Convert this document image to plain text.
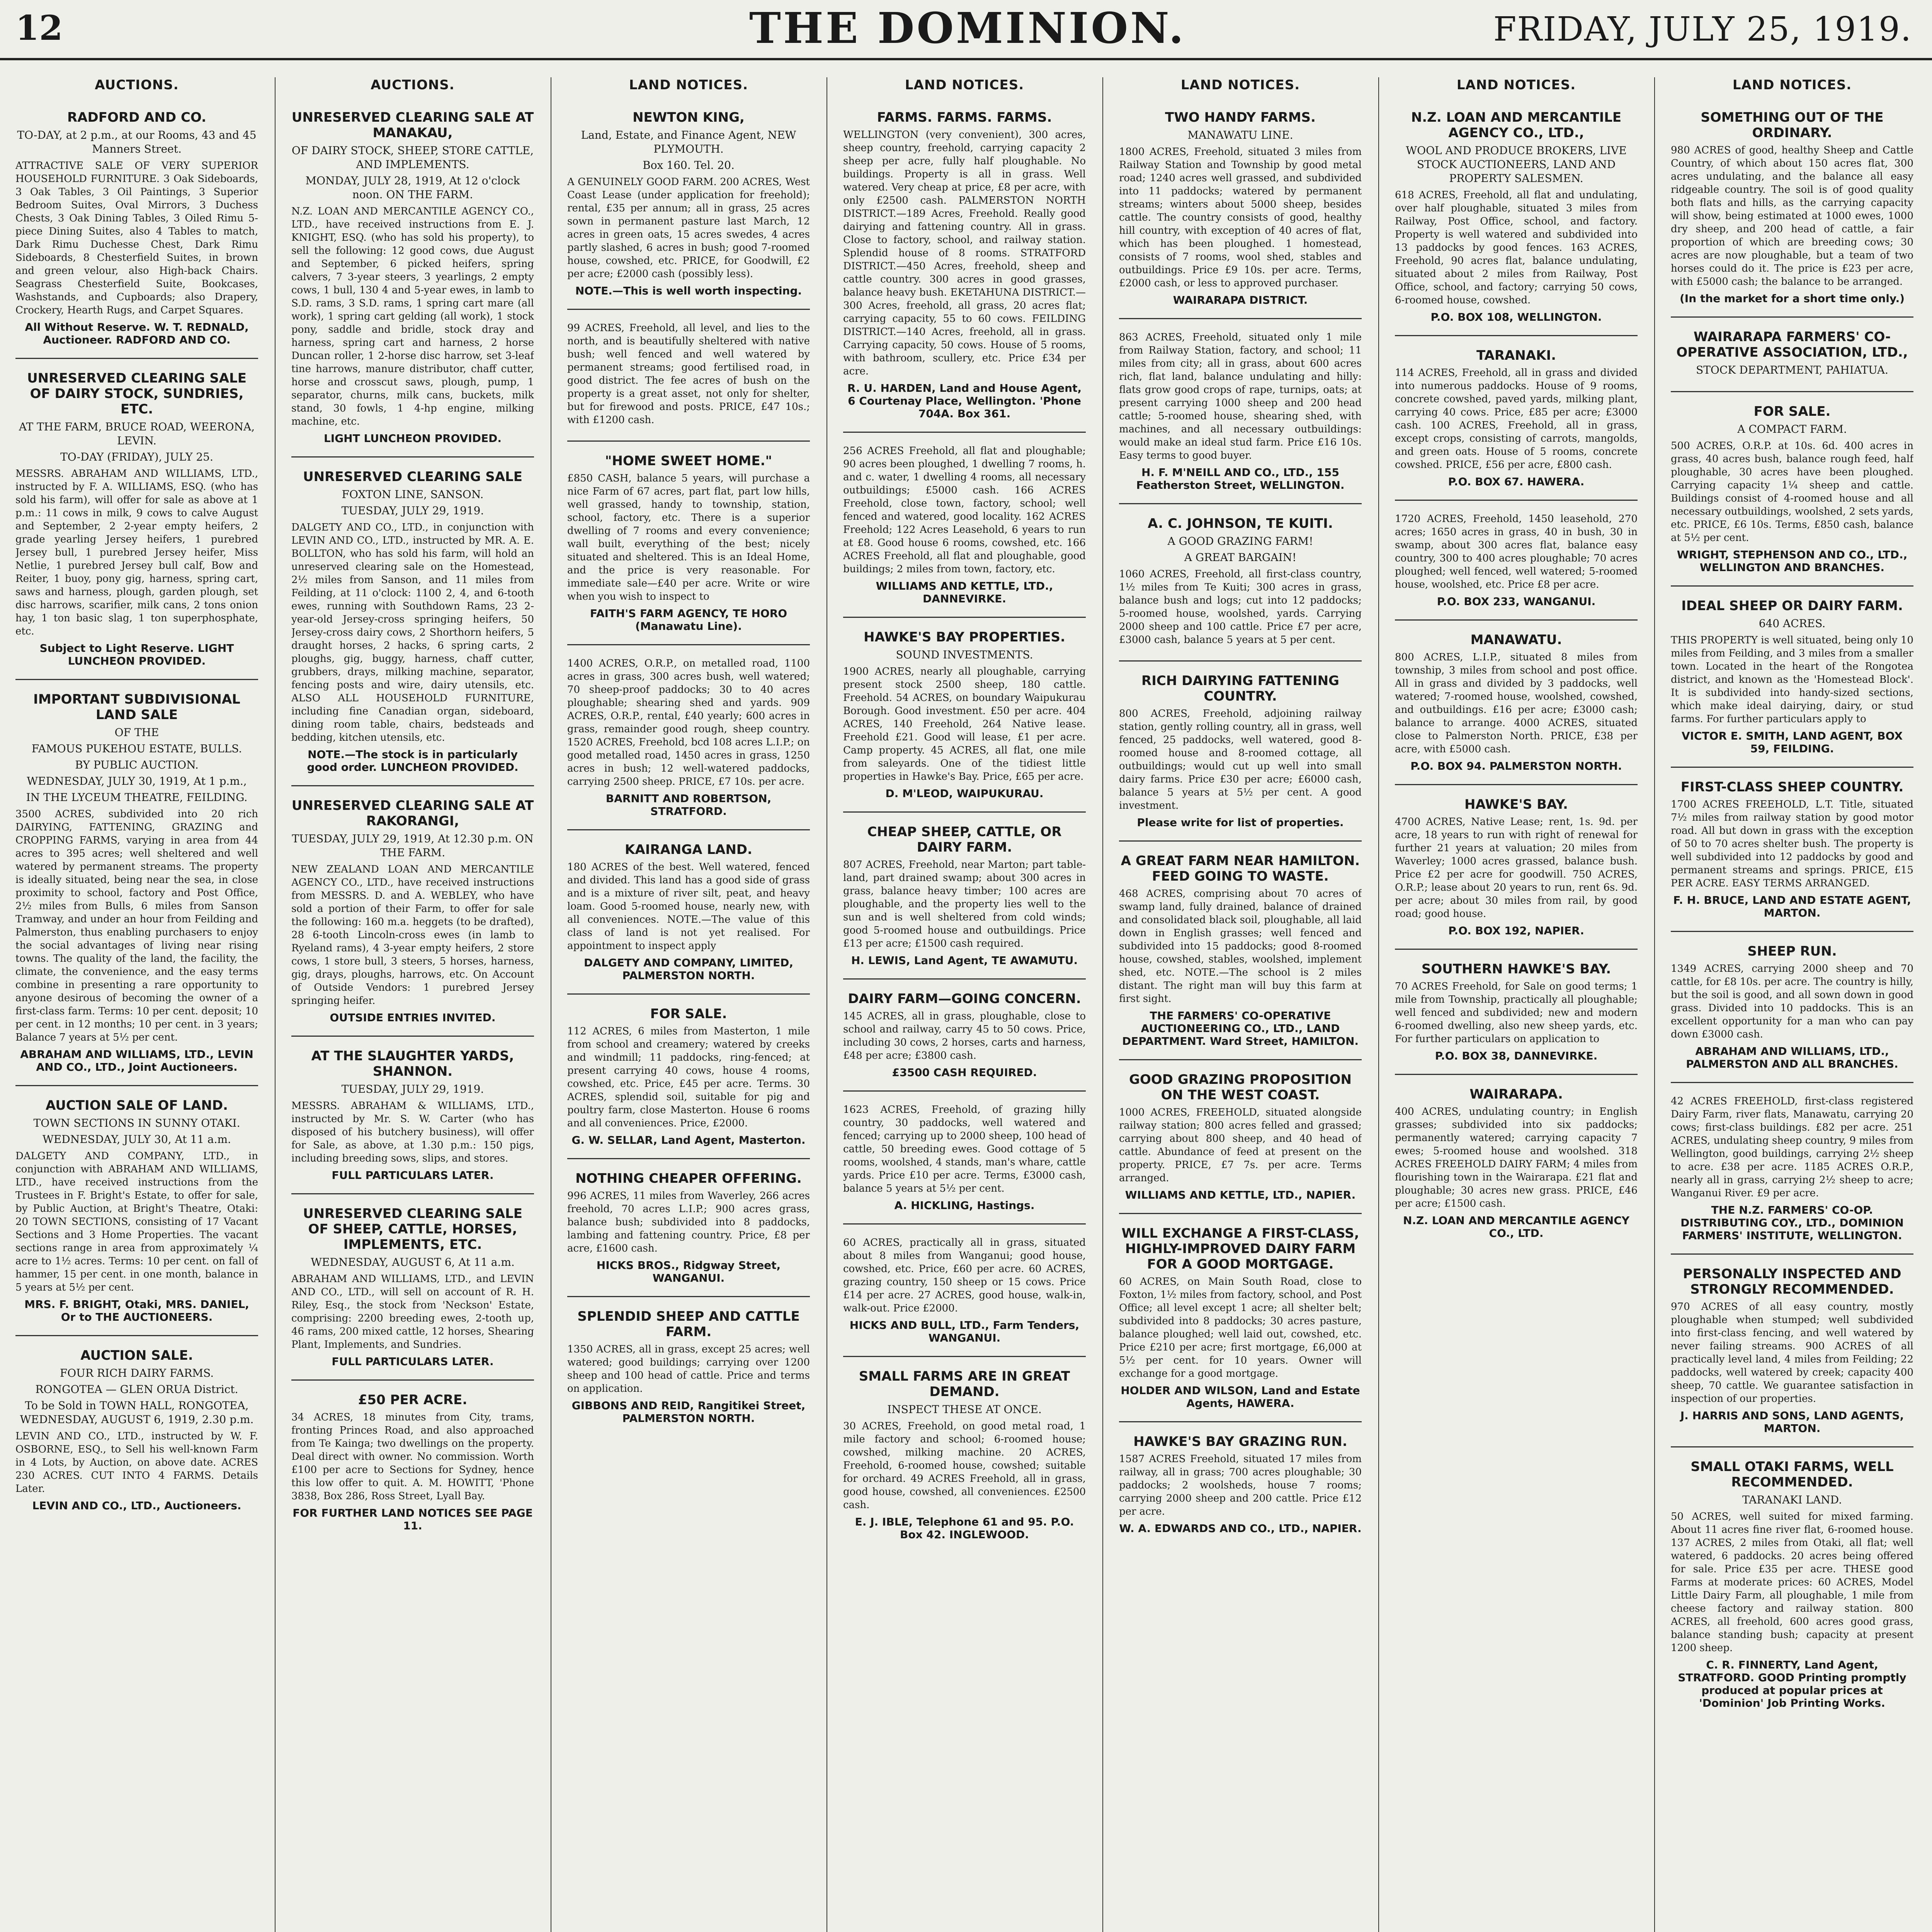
12	THE DOMINION.	FRIDAY, JULY 25, 1919.
AUCTIONS.
RADFORD AND CO.
TO-DAY, at 2 p.m., at our Rooms, 43 and 45 Manners Street.
ATTRACTIVE SALE OF VERY SUPERIOR HOUSEHOLD FURNITURE. 3 Oak Sideboards, 3 Oak Tables, 3 Oil Paintings, 3 Superior Bedroom Suites, Oval Mirrors, 3 Duchess Chests, 3 Oak Dining Tables, 3 Oiled Rimu 5-piece Dining Suites, also 4 Tables to match, Dark Rimu Duchesse Chest, Dark Rimu Sideboards, 8 Chesterfield Suites, in brown and green velour, also High-back Chairs. Seagrass Chesterfield Suite, Bookcases, Washstands, and Cupboards; also Drapery, Crockery, Hearth Rugs, and Carpet Squares.
All Without Reserve. W. T. REDNALD, Auctioneer. RADFORD AND CO.
UNRESERVED CLEARING SALE OF DAIRY STOCK, SUNDRIES, ETC.
AT THE FARM, BRUCE ROAD, WEERONA, LEVIN.
TO-DAY (FRIDAY), JULY 25.
MESSRS. ABRAHAM AND WILLIAMS, LTD., instructed by F. A. WILLIAMS, ESQ. (who has sold his farm), will offer for sale as above at 1 p.m.: 11 cows in milk, 9 cows to calve August and September, 2 2-year empty heifers, 2 grade yearling Jersey heifers, 1 purebred Jersey bull, 1 purebred Jersey heifer, Miss Netlie, 1 purebred Jersey bull calf, Bow and Reiter, 1 buoy, pony gig, harness, spring cart, saws and harness, plough, garden plough, set disc harrows, scarifier, milk cans, 2 tons onion hay, 1 ton basic slag, 1 ton superphosphate, etc.
Subject to Light Reserve. LIGHT LUNCHEON PROVIDED.
IMPORTANT SUBDIVISIONAL LAND SALE
OF THE
FAMOUS PUKEHOU ESTATE, BULLS.
BY PUBLIC AUCTION.
WEDNESDAY, JULY 30, 1919, At 1 p.m.,
IN THE LYCEUM THEATRE, FEILDING.
3500 ACRES, subdivided into 20 rich DAIRYING, FATTENING, GRAZING and CROPPING FARMS, varying in area from 44 acres to 395 acres; well sheltered and well watered by permanent streams. The property is ideally situated, being near the sea, in close proximity to school, factory and Post Office, 2½ miles from Bulls, 6 miles from Sanson Tramway, and under an hour from Feilding and Palmerston, thus enabling purchasers to enjoy the social advantages of living near rising towns. The quality of the land, the facility, the climate, the convenience, and the easy terms combine in presenting a rare opportunity to anyone desirous of becoming the owner of a first-class farm. Terms: 10 per cent. deposit; 10 per cent. in 12 months; 10 per cent. in 3 years; Balance 7 years at 5½ per cent.
ABRAHAM AND WILLIAMS, LTD., LEVIN AND CO., LTD., Joint Auctioneers.
AUCTION SALE OF LAND.
TOWN SECTIONS IN SUNNY OTAKI.
WEDNESDAY, JULY 30, At 11 a.m.
DALGETY AND COMPANY, LTD., in conjunction with ABRAHAM AND WILLIAMS, LTD., have received instructions from the Trustees in F. Bright's Estate, to offer for sale, by Public Auction, at Bright's Theatre, Otaki: 20 TOWN SECTIONS, consisting of 17 Vacant Sections and 3 Home Properties. The vacant sections range in area from approximately ¼ acre to 1½ acres. Terms: 10 per cent. on fall of hammer, 15 per cent. in one month, balance in 5 years at 5½ per cent.
MRS. F. BRIGHT, Otaki, MRS. DANIEL, Or to THE AUCTIONEERS.
AUCTION SALE.
FOUR RICH DAIRY FARMS.
RONGOTEA — GLEN ORUA District.
To be Sold in TOWN HALL, RONGOTEA, WEDNESDAY, AUGUST 6, 1919, 2.30 p.m.
LEVIN AND CO., LTD., instructed by W. F. OSBORNE, ESQ., to Sell his well-known Farm in 4 Lots, by Auction, on above date. ACRES 230 ACRES. CUT INTO 4 FARMS. Details Later.
LEVIN AND CO., LTD., Auctioneers.
AUCTIONS.
UNRESERVED CLEARING SALE AT MANAKAU,
OF DAIRY STOCK, SHEEP, STORE CATTLE, AND IMPLEMENTS.
MONDAY, JULY 28, 1919, At 12 o'clock noon. ON THE FARM.
N.Z. LOAN AND MERCANTILE AGENCY CO., LTD., have received instructions from E. J. KNIGHT, ESQ. (who has sold his property), to sell the following: 12 good cows, due August and September, 6 picked heifers, spring calvers, 7 3-year steers, 3 yearlings, 2 empty cows, 1 bull, 130 4 and 5-year ewes, in lamb to S.D. rams, 3 S.D. rams, 1 spring cart mare (all work), 1 spring cart gelding (all work), 1 stock pony, saddle and bridle, stock dray and harness, spring cart and harness, 2 horse Duncan roller, 1 2-horse disc harrow, set 3-leaf tine harrows, manure distributor, chaff cutter, horse and crosscut saws, plough, pump, 1 separator, churns, milk cans, buckets, milk stand, 30 fowls, 1 4-hp engine, milking machine, etc.
LIGHT LUNCHEON PROVIDED.
UNRESERVED CLEARING SALE
FOXTON LINE, SANSON.
TUESDAY, JULY 29, 1919.
DALGETY AND CO., LTD., in conjunction with LEVIN AND CO., LTD., instructed by MR. A. E. BOLLTON, who has sold his farm, will hold an unreserved clearing sale on the Homestead, 2½ miles from Sanson, and 11 miles from Feilding, at 11 o'clock: 1100 2, 4, and 6-tooth ewes, running with Southdown Rams, 23 2-year-old Jersey-cross springing heifers, 50 Jersey-cross dairy cows, 2 Shorthorn heifers, 5 draught horses, 2 hacks, 6 spring carts, 2 ploughs, gig, buggy, harness, chaff cutter, grubbers, drays, milking machine, separator, fencing posts and wire, dairy utensils, etc. ALSO ALL HOUSEHOLD FURNITURE, including fine Canadian organ, sideboard, dining room table, chairs, bedsteads and bedding, kitchen utensils, etc.
NOTE.—The stock is in particularly good order. LUNCHEON PROVIDED.
UNRESERVED CLEARING SALE AT RAKORANGI,
TUESDAY, JULY 29, 1919, At 12.30 p.m. ON THE FARM.
NEW ZEALAND LOAN AND MERCANTILE AGENCY CO., LTD., have received instructions from MESSRS. D. and A. WEBLEY, who have sold a portion of their Farm, to offer for sale the following: 160 m.a. heggets (to be drafted), 28 6-tooth Lincoln-cross ewes (in lamb to Ryeland rams), 4 3-year empty heifers, 2 store cows, 1 store bull, 3 steers, 5 horses, harness, gig, drays, ploughs, harrows, etc. On Account of Outside Vendors: 1 purebred Jersey springing heifer.
OUTSIDE ENTRIES INVITED.
AT THE SLAUGHTER YARDS, SHANNON.
TUESDAY, JULY 29, 1919.
MESSRS. ABRAHAM & WILLIAMS, LTD., instructed by Mr. S. W. Carter (who has disposed of his butchery business), will offer for Sale, as above, at 1.30 p.m.: 150 pigs, including breeding sows, slips, and stores.
FULL PARTICULARS LATER.
UNRESERVED CLEARING SALE OF SHEEP, CATTLE, HORSES, IMPLEMENTS, ETC.
WEDNESDAY, AUGUST 6, At 11 a.m.
ABRAHAM AND WILLIAMS, LTD., and LEVIN AND CO., LTD., will sell on account of R. H. Riley, Esq., the stock from 'Neckson' Estate, comprising: 2200 breeding ewes, 2-tooth up, 46 rams, 200 mixed cattle, 12 horses, Shearing Plant, Implements, and Sundries.
FULL PARTICULARS LATER.
£50 PER ACRE.
34 ACRES, 18 minutes from City, trams, fronting Princes Road, and also approached from Te Kainga; two dwellings on the property. Deal direct with owner. No commission. Worth £100 per acre to Sections for Sydney, hence this low offer to quit. A. M. HOWITT, 'Phone 3838, Box 286, Ross Street, Lyall Bay.
FOR FURTHER LAND NOTICES SEE PAGE 11.
LAND NOTICES.
NEWTON KING,
Land, Estate, and Finance Agent, NEW PLYMOUTH.
Box 160. Tel. 20.
A GENUINELY GOOD FARM. 200 ACRES, West Coast Lease (under application for freehold); rental, £35 per annum; all in grass, 25 acres sown in permanent pasture last March, 12 acres in green oats, 15 acres swedes, 4 acres partly slashed, 6 acres in bush; good 7-roomed house, cowshed, etc. PRICE, for Goodwill, £2 per acre; £2000 cash (possibly less).
NOTE.—This is well worth inspecting.
99 ACRES, Freehold, all level, and lies to the north, and is beautifully sheltered with native bush; well fenced and well watered by permanent streams; good fertilised road, in good district. The fee acres of bush on the property is a great asset, not only for shelter, but for firewood and posts. PRICE, £47 10s.; with £1200 cash.
"HOME SWEET HOME."
£850 CASH, balance 5 years, will purchase a nice Farm of 67 acres, part flat, part low hills, well grassed, handy to township, station, school, factory, etc. There is a superior dwelling of 7 rooms and every convenience; wall built, everything of the best; nicely situated and sheltered. This is an Ideal Home, and the price is very reasonable. For immediate sale—£40 per acre. Write or wire when you wish to inspect to
FAITH'S FARM AGENCY, TE HORO (Manawatu Line).
1400 ACRES, O.R.P., on metalled road, 1100 acres in grass, 300 acres bush, well watered; 70 sheep-proof paddocks; 30 to 40 acres ploughable; shearing shed and yards. 909 ACRES, O.R.P., rental, £40 yearly; 600 acres in grass, remainder good rough, sheep country. 1520 ACRES, Freehold, bcd 108 acres L.I.P.; on good metalled road, 1450 acres in grass, 1250 acres in bush; 12 well-watered paddocks, carrying 2500 sheep. PRICE, £7 10s. per acre.
BARNITT AND ROBERTSON, STRATFORD.
KAIRANGA LAND.
180 ACRES of the best. Well watered, fenced and divided. This land has a good side of grass and is a mixture of river silt, peat, and heavy loam. Good 5-roomed house, nearly new, with all conveniences. NOTE.—The value of this class of land is not yet realised. For appointment to inspect apply
DALGETY AND COMPANY, LIMITED, PALMERSTON NORTH.
FOR SALE.
112 ACRES, 6 miles from Masterton, 1 mile from school and creamery; watered by creeks and windmill; 11 paddocks, ring-fenced; at present carrying 40 cows, house 4 rooms, cowshed, etc. Price, £45 per acre. Terms. 30 ACRES, splendid soil, suitable for pig and poultry farm, close Masterton. House 6 rooms and all conveniences. Price, £2000.
G. W. SELLAR, Land Agent, Masterton.
NOTHING CHEAPER OFFERING.
996 ACRES, 11 miles from Waverley, 266 acres freehold, 70 acres L.I.P.; 900 acres grass, balance bush; subdivided into 8 paddocks, lambing and fattening country. Price, £8 per acre, £1600 cash.
HICKS BROS., Ridgway Street, WANGANUI.
SPLENDID SHEEP AND CATTLE FARM.
1350 ACRES, all in grass, except 25 acres; well watered; good buildings; carrying over 1200 sheep and 100 head of cattle. Price and terms on application.
GIBBONS AND REID, Rangitikei Street, PALMERSTON NORTH.
LAND NOTICES.
FARMS. FARMS. FARMS.
WELLINGTON (very convenient), 300 acres, sheep country, freehold, carrying capacity 2 sheep per acre, fully half ploughable. No buildings. Property is all in grass. Well watered. Very cheap at price, £8 per acre, with only £2500 cash. PALMERSTON NORTH DISTRICT.—189 Acres, Freehold. Really good dairying and fattening country. All in grass. Close to factory, school, and railway station. Splendid house of 8 rooms. STRATFORD DISTRICT.—450 Acres, freehold, sheep and cattle country. 300 acres in good grasses, balance heavy bush. EKETAHUNA DISTRICT.—300 Acres, freehold, all grass, 20 acres flat; carrying capacity, 55 to 60 cows. FEILDING DISTRICT.—140 Acres, freehold, all in grass. Carrying capacity, 50 cows. House of 5 rooms, with bathroom, scullery, etc. Price £34 per acre.
R. U. HARDEN, Land and House Agent, 6 Courtenay Place, Wellington. 'Phone 704A. Box 361.
256 ACRES Freehold, all flat and ploughable; 90 acres been ploughed, 1 dwelling 7 rooms, h. and c. water, 1 dwelling 4 rooms, all necessary outbuildings; £5000 cash. 166 ACRES Freehold, close town, factory, school; well fenced and watered, good locality. 162 ACRES Freehold; 122 Acres Leasehold, 6 years to run at £8. Good house 6 rooms, cowshed, etc. 166 ACRES Freehold, all flat and ploughable, good buildings; 2 miles from town, factory, etc.
WILLIAMS AND KETTLE, LTD., DANNEVIRKE.
HAWKE'S BAY PROPERTIES.
SOUND INVESTMENTS.
1900 ACRES, nearly all ploughable, carrying present stock 2500 sheep, 180 cattle. Freehold. 54 ACRES, on boundary Waipukurau Borough. Good investment. £50 per acre. 404 ACRES, 140 Freehold, 264 Native lease. Freehold £21. Good will lease, £1 per acre. Camp property. 45 ACRES, all flat, one mile from saleyards. One of the tidiest little properties in Hawke's Bay. Price, £65 per acre.
D. M'LEOD, WAIPUKURAU.
CHEAP SHEEP, CATTLE, OR DAIRY FARM.
807 ACRES, Freehold, near Marton; part table-land, part drained swamp; about 300 acres in grass, balance heavy timber; 100 acres are ploughable, and the property lies well to the sun and is well sheltered from cold winds; good 5-roomed house and outbuildings. Price £13 per acre; £1500 cash required.
H. LEWIS, Land Agent, TE AWAMUTU.
DAIRY FARM—GOING CONCERN.
145 ACRES, all in grass, ploughable, close to school and railway, carry 45 to 50 cows. Price, including 30 cows, 2 horses, carts and harness, £48 per acre; £3800 cash.
£3500 CASH REQUIRED.
1623 ACRES, Freehold, of grazing hilly country, 30 paddocks, well watered and fenced; carrying up to 2000 sheep, 100 head of cattle, 50 breeding ewes. Good cottage of 5 rooms, woolshed, 4 stands, man's whare, cattle yards. Price £10 per acre. Terms, £3000 cash, balance 5 years at 5½ per cent.
A. HICKLING, Hastings.
60 ACRES, practically all in grass, situated about 8 miles from Wanganui; good house, cowshed, etc. Price, £60 per acre. 60 ACRES, grazing country, 150 sheep or 15 cows. Price £14 per acre. 27 ACRES, good house, walk-in, walk-out. Price £2000.
HICKS AND BULL, LTD., Farm Tenders, WANGANUI.
SMALL FARMS ARE IN GREAT DEMAND.
INSPECT THESE AT ONCE.
30 ACRES, Freehold, on good metal road, 1 mile factory and school; 6-roomed house; cowshed, milking machine. 20 ACRES, Freehold, 6-roomed house, cowshed; suitable for orchard. 49 ACRES Freehold, all in grass, good house, cowshed, all conveniences. £2500 cash.
E. J. IBLE, Telephone 61 and 95. P.O. Box 42. INGLEWOOD.
LAND NOTICES.
TWO HANDY FARMS.
MANAWATU LINE.
1800 ACRES, Freehold, situated 3 miles from Railway Station and Township by good metal road; 1240 acres well grassed, and subdivided into 11 paddocks; watered by permanent streams; winters about 5000 sheep, besides cattle. The country consists of good, healthy hill country, with exception of 40 acres of flat, which has been ploughed. 1 homestead, consists of 7 rooms, wool shed, stables and outbuildings. Price £9 10s. per acre. Terms, £2000 cash, or less to approved purchaser.
WAIRARAPA DISTRICT.
863 ACRES, Freehold, situated only 1 mile from Railway Station, factory, and school; 11 miles from city; all in grass, about 600 acres rich, flat land, balance undulating and hilly: flats grow good crops of rape, turnips, oats; at present carrying 1000 sheep and 200 head cattle; 5-roomed house, shearing shed, with machines, and all necessary outbuildings: would make an ideal stud farm. Price £16 10s. Easy terms to good buyer.
H. F. M'NEILL AND CO., LTD., 155 Featherston Street, WELLINGTON.
A. C. JOHNSON, TE KUITI.
A GOOD GRAZING FARM!
A GREAT BARGAIN!
1060 ACRES, Freehold, all first-class country, 1½ miles from Te Kuiti; 300 acres in grass, balance bush and logs; cut into 12 paddocks; 5-roomed house, woolshed, yards. Carrying 2000 sheep and 100 cattle. Price £7 per acre, £3000 cash, balance 5 years at 5 per cent.
RICH DAIRYING FATTENING COUNTRY.
800 ACRES, Freehold, adjoining railway station, gently rolling country, all in grass, well fenced, 25 paddocks, well watered, good 8-roomed house and 8-roomed cottage, all outbuildings; would cut up well into small dairy farms. Price £30 per acre; £6000 cash, balance 5 years at 5½ per cent. A good investment.
Please write for list of properties.
A GREAT FARM NEAR HAMILTON. FEED GOING TO WASTE.
468 ACRES, comprising about 70 acres of swamp land, fully drained, balance of drained and consolidated black soil, ploughable, all laid down in English grasses; well fenced and subdivided into 15 paddocks; good 8-roomed house, cowshed, stables, woolshed, implement shed, etc. NOTE.—The school is 2 miles distant. The right man will buy this farm at first sight.
THE FARMERS' CO-OPERATIVE AUCTIONEERING CO., LTD., LAND DEPARTMENT. Ward Street, HAMILTON.
GOOD GRAZING PROPOSITION ON THE WEST COAST.
1000 ACRES, FREEHOLD, situated alongside railway station; 800 acres felled and grassed; carrying about 800 sheep, and 40 head of cattle. Abundance of feed at present on the property. PRICE, £7 7s. per acre. Terms arranged.
WILLIAMS AND KETTLE, LTD., NAPIER.
WILL EXCHANGE A FIRST-CLASS, HIGHLY-IMPROVED DAIRY FARM FOR A GOOD MORTGAGE.
60 ACRES, on Main South Road, close to Foxton, 1½ miles from factory, school, and Post Office; all level except 1 acre; all shelter belt; subdivided into 8 paddocks; 30 acres pasture, balance ploughed; well laid out, cowshed, etc. Price £210 per acre; first mortgage, £6,000 at 5½ per cent. for 10 years. Owner will exchange for a good mortgage.
HOLDER AND WILSON, Land and Estate Agents, HAWERA.
HAWKE'S BAY GRAZING RUN.
1587 ACRES Freehold, situated 17 miles from railway, all in grass; 700 acres ploughable; 30 paddocks; 2 woolsheds, house 7 rooms; carrying 2000 sheep and 200 cattle. Price £12 per acre.
W. A. EDWARDS AND CO., LTD., NAPIER.
LAND NOTICES.
N.Z. LOAN AND MERCANTILE AGENCY CO., LTD.,
WOOL AND PRODUCE BROKERS, LIVE STOCK AUCTIONEERS, LAND AND PROPERTY SALESMEN.
618 ACRES, Freehold, all flat and undulating, over half ploughable, situated 3 miles from Railway, Post Office, school, and factory. Property is well watered and subdivided into 13 paddocks by good fences. 163 ACRES, Freehold, 90 acres flat, balance undulating, situated about 2 miles from Railway, Post Office, school, and factory; carrying 50 cows, 6-roomed house, cowshed.
P.O. BOX 108, WELLINGTON.
TARANAKI.
114 ACRES, Freehold, all in grass and divided into numerous paddocks. House of 9 rooms, concrete cowshed, paved yards, milking plant, carrying 40 cows. Price, £85 per acre; £3000 cash. 100 ACRES, Freehold, all in grass, except crops, consisting of carrots, mangolds, and green oats. House of 5 rooms, concrete cowshed. PRICE, £56 per acre, £800 cash.
P.O. BOX 67. HAWERA.
1720 ACRES, Freehold, 1450 leasehold, 270 acres; 1650 acres in grass, 40 in bush, 30 in swamp, about 300 acres flat, balance easy country, 300 to 400 acres ploughable; 70 acres ploughed; well fenced, well watered; 5-roomed house, woolshed, etc. Price £8 per acre.
P.O. BOX 233, WANGANUI.
MANAWATU.
800 ACRES, L.I.P., situated 8 miles from township, 3 miles from school and post office. All in grass and divided by 3 paddocks, well watered; 7-roomed house, woolshed, cowshed, and outbuildings. £16 per acre; £3000 cash; balance to arrange. 4000 ACRES, situated close to Palmerston North. PRICE, £38 per acre, with £5000 cash.
P.O. BOX 94. PALMERSTON NORTH.
HAWKE'S BAY.
4700 ACRES, Native Lease; rent, 1s. 9d. per acre, 18 years to run with right of renewal for further 21 years at valuation; 20 miles from Waverley; 1000 acres grassed, balance bush. Price £2 per acre for goodwill. 750 ACRES, O.R.P.; lease about 20 years to run, rent 6s. 9d. per acre; about 30 miles from rail, by good road; good house.
P.O. BOX 192, NAPIER.
SOUTHERN HAWKE'S BAY.
70 ACRES Freehold, for Sale on good terms; 1 mile from Township, practically all ploughable; well fenced and subdivided; new and modern 6-roomed dwelling, also new sheep yards, etc. For further particulars on application to
P.O. BOX 38, DANNEVIRKE.
WAIRARAPA.
400 ACRES, undulating country; in English grasses; subdivided into six paddocks; permanently watered; carrying capacity 7 ewes; 5-roomed house and woolshed. 318 ACRES FREEHOLD DAIRY FARM; 4 miles from flourishing town in the Wairarapa. £21 flat and ploughable; 30 acres new grass. PRICE, £46 per acre; £1500 cash.
N.Z. LOAN AND MERCANTILE AGENCY CO., LTD.
LAND NOTICES.
SOMETHING OUT OF THE ORDINARY.
980 ACRES of good, healthy Sheep and Cattle Country, of which about 150 acres flat, 300 acres undulating, and the balance all easy ridgeable country. The soil is of good quality both flats and hills, as the carrying capacity will show, being estimated at 1000 ewes, 1000 dry sheep, and 200 head of cattle, a fair proportion of which are breeding cows; 30 acres are now ploughable, but a team of two horses could do it. The price is £23 per acre, with £5000 cash; the balance to be arranged.
(In the market for a short time only.)
WAIRARAPA FARMERS' CO-OPERATIVE ASSOCIATION, LTD.,
STOCK DEPARTMENT, PAHIATUA.
FOR SALE.
A COMPACT FARM.
500 ACRES, O.R.P. at 10s. 6d. 400 acres in grass, 40 acres bush, balance rough feed, half ploughable, 30 acres have been ploughed. Carrying capacity 1¼ sheep and cattle. Buildings consist of 4-roomed house and all necessary outbuildings, woolshed, 2 sets yards, etc. PRICE, £6 10s. Terms, £850 cash, balance at 5½ per cent.
WRIGHT, STEPHENSON AND CO., LTD., WELLINGTON AND BRANCHES.
IDEAL SHEEP OR DAIRY FARM.
640 ACRES.
THIS PROPERTY is well situated, being only 10 miles from Feilding, and 3 miles from a smaller town. Located in the heart of the Rongotea district, and known as the 'Homestead Block'. It is subdivided into handy-sized sections, which make ideal dairying, dairy, or stud farms. For further particulars apply to
VICTOR E. SMITH, LAND AGENT, BOX 59, FEILDING.
FIRST-CLASS SHEEP COUNTRY.
1700 ACRES FREEHOLD, L.T. Title, situated 7½ miles from railway station by good motor road. All but down in grass with the exception of 50 to 70 acres shelter bush. The property is well subdivided into 12 paddocks by good and permanent streams and springs. PRICE, £15 PER ACRE. EASY TERMS ARRANGED.
F. H. BRUCE, LAND AND ESTATE AGENT, MARTON.
SHEEP RUN.
1349 ACRES, carrying 2000 sheep and 70 cattle, for £8 10s. per acre. The country is hilly, but the soil is good, and all sown down in good grass. Divided into 10 paddocks. This is an excellent opportunity for a man who can pay down £3000 cash.
ABRAHAM AND WILLIAMS, LTD., PALMERSTON AND ALL BRANCHES.
42 ACRES FREEHOLD, first-class registered Dairy Farm, river flats, Manawatu, carrying 20 cows; first-class buildings. £82 per acre. 251 ACRES, undulating sheep country, 9 miles from Wellington, good buildings, carrying 2½ sheep to acre. £38 per acre. 1185 ACRES O.R.P., nearly all in grass, carrying 2½ sheep to acre; Wanganui River. £9 per acre.
THE N.Z. FARMERS' CO-OP. DISTRIBUTING COY., LTD., DOMINION FARMERS' INSTITUTE, WELLINGTON.
PERSONALLY INSPECTED AND STRONGLY RECOMMENDED.
970 ACRES of all easy country, mostly ploughable when stumped; well subdivided into first-class fencing, and well watered by never failing streams. 900 ACRES of all practically level land, 4 miles from Feilding; 22 paddocks, well watered by creek; capacity 400 sheep, 70 cattle. We guarantee satisfaction in inspection of our properties.
J. HARRIS AND SONS, LAND AGENTS, MARTON.
SMALL OTAKI FARMS, WELL RECOMMENDED.
TARANAKI LAND.
50 ACRES, well suited for mixed farming. About 11 acres fine river flat, 6-roomed house. 137 ACRES, 2 miles from Otaki, all flat; well watered, 6 paddocks. 20 acres being offered for sale. Price £35 per acre. THESE good Farms at moderate prices: 60 ACRES, Model Little Dairy Farm, all ploughable, 1 mile from cheese factory and railway station. 800 ACRES, all freehold, 600 acres good grass, balance standing bush; capacity at present 1200 sheep.
C. R. FINNERTY, Land Agent, STRATFORD. GOOD Printing promptly produced at popular prices at 'Dominion' Job Printing Works.
